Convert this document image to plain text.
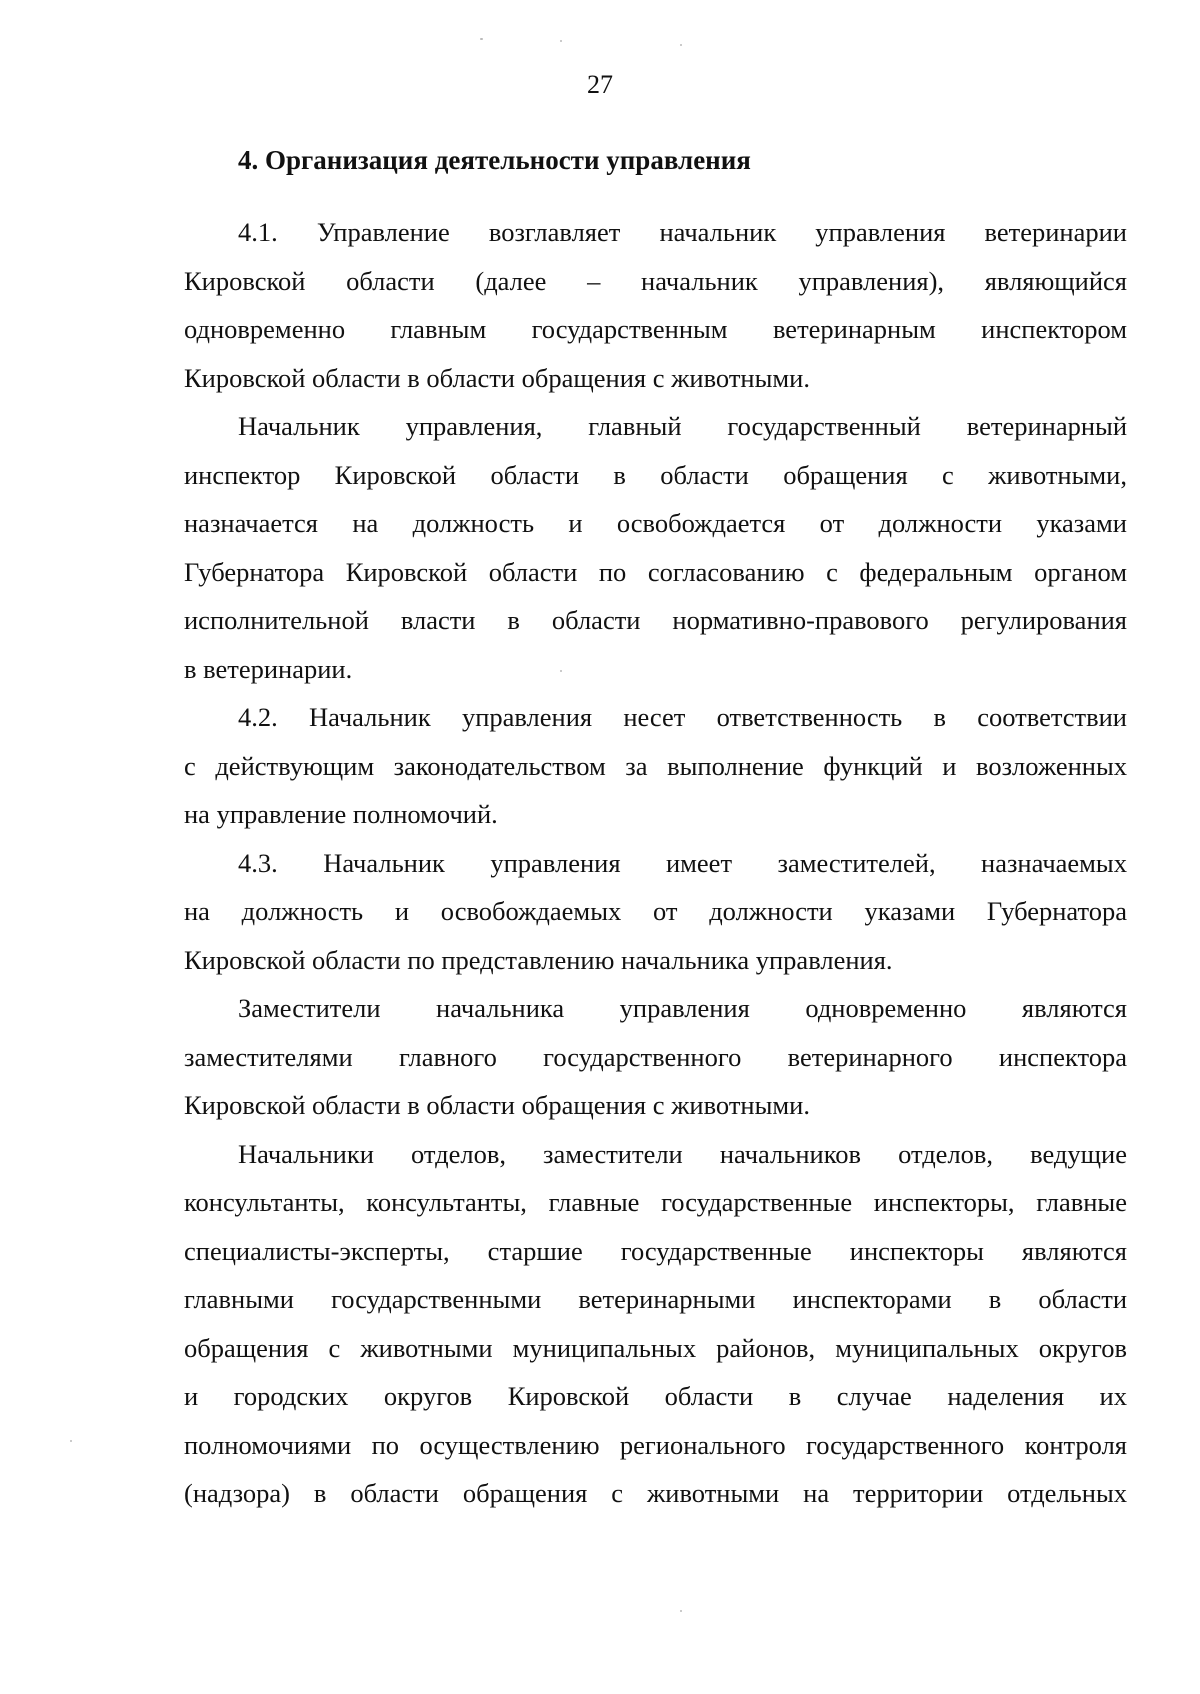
27
4. Организация деятельности управления

4.1. Управление возглавляет начальник управления ветеринарии
Кировской области (далее – начальник управления), являющийся
одновременно главным государственным ветеринарным инспектором
Кировской области в области обращения с животными.

Начальник управления, главный государственный ветеринарный
инспектор Кировской области в области обращения с животными,
назначается на должность и освобождается от должности указами
Губернатора Кировской области по согласованию с федеральным органом
исполнительной власти в области нормативно-правового регулирования
в ветеринарии.

4.2. Начальник управления несет ответственность в соответствии
с действующим законодательством за выполнение функций и возложенных
на управление полномочий.

4.3. Начальник управления имеет заместителей, назначаемых
на должность и освобождаемых от должности указами Губернатора
Кировской области по представлению начальника управления.

Заместители начальника управления одновременно являются
заместителями главного государственного ветеринарного инспектора
Кировской области в области обращения с животными.

Начальники отделов, заместители начальников отделов, ведущие
консультанты, консультанты, главные государственные инспекторы, главные
специалисты-эксперты, старшие государственные инспекторы являются
главными государственными ветеринарными инспекторами в области
обращения с животными муниципальных районов, муниципальных округов
и городских округов Кировской области в случае наделения их
полномочиями по осуществлению регионального государственного контроля
(надзора) в области обращения с животными на территории отдельных
